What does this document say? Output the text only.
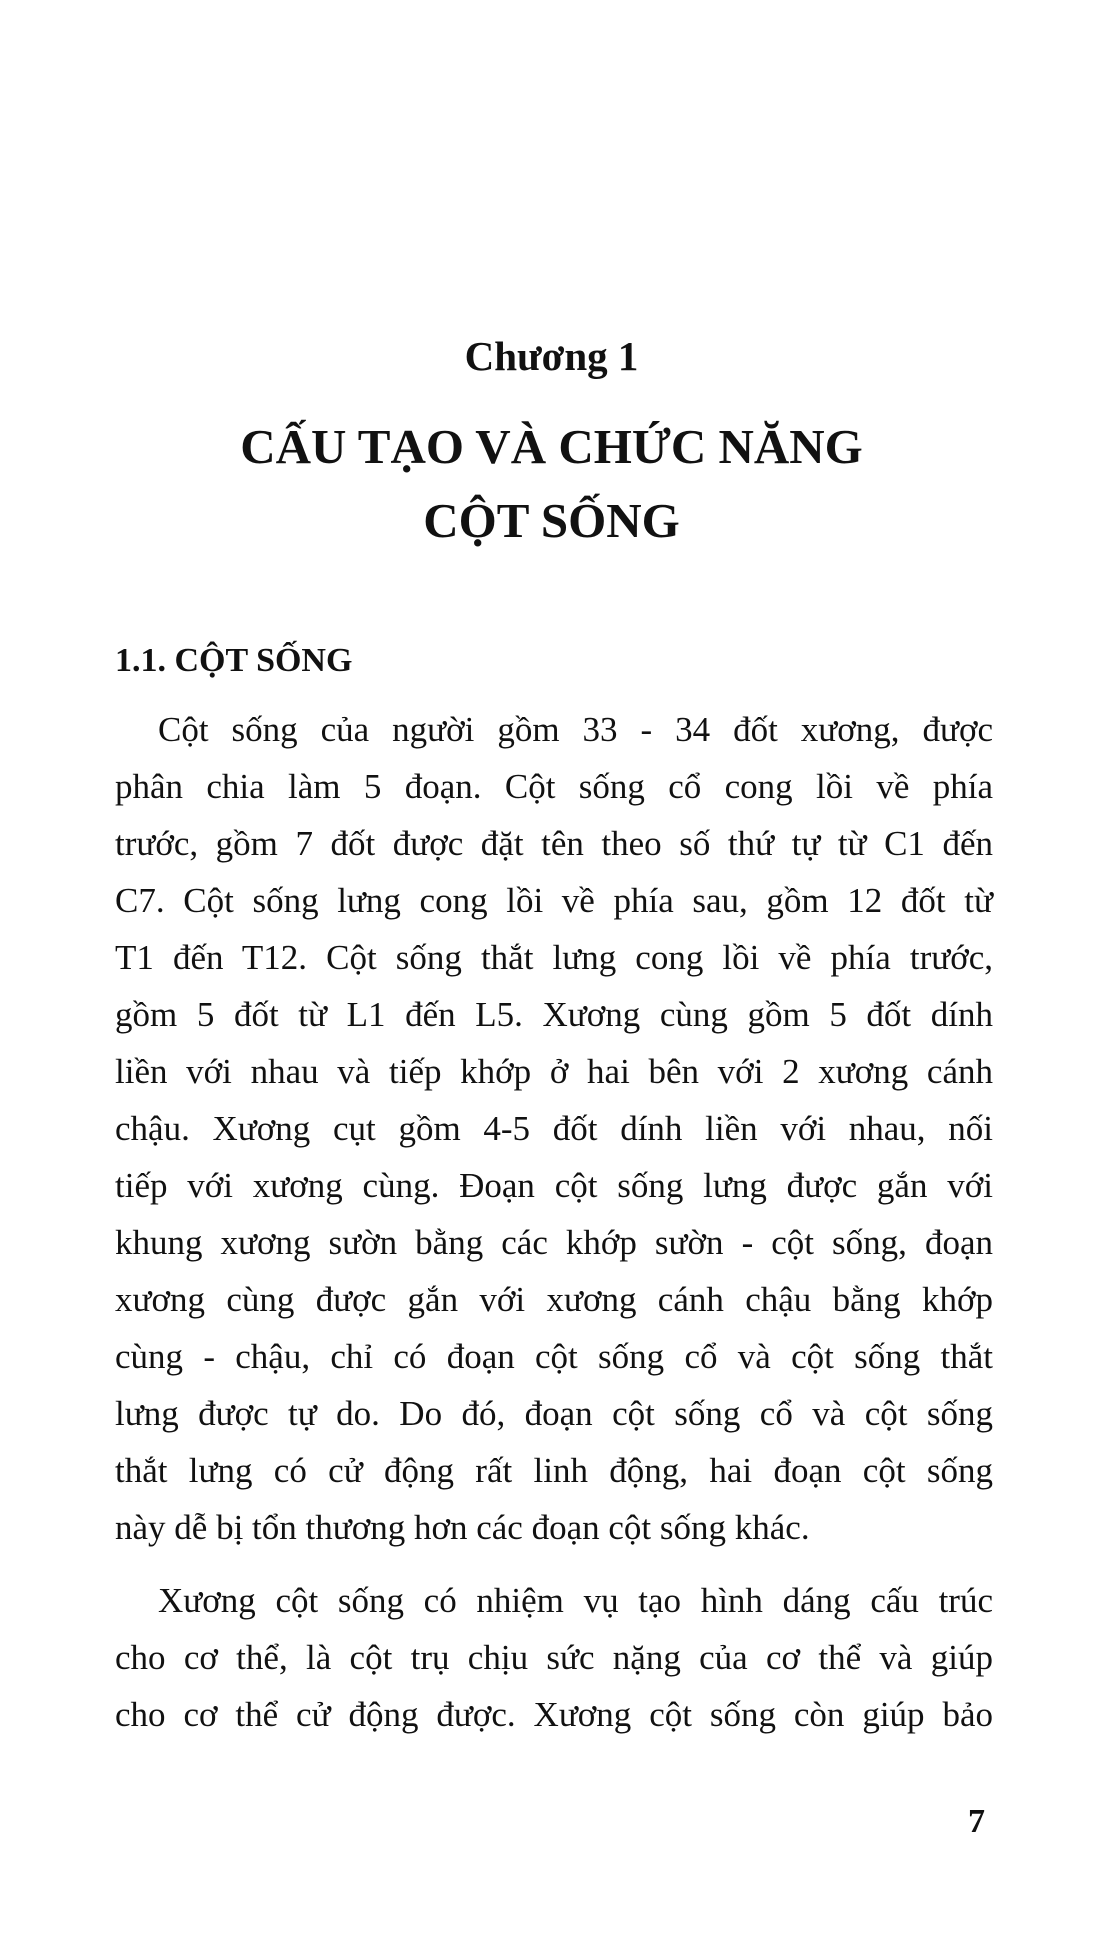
Chương 1
CẤU TẠO VÀ CHỨC NĂNG
CỘT SỐNG
1.1. CỘT SỐNG
Cột sống của người gồm 33 - 34 đốt xương, được
phân chia làm 5 đoạn. Cột sống cổ cong lồi về phía
trước, gồm 7 đốt được đặt tên theo số thứ tự từ C1 đến
C7. Cột sống lưng cong lồi về phía sau, gồm 12 đốt từ
T1 đến T12. Cột sống thắt lưng cong lồi về phía trước,
gồm 5 đốt từ L1 đến L5. Xương cùng gồm 5 đốt dính
liền với nhau và tiếp khớp ở hai bên với 2 xương cánh
chậu. Xương cụt gồm 4-5 đốt dính liền với nhau, nối
tiếp với xương cùng. Đoạn cột sống lưng được gắn với
khung xương sườn bằng các khớp sườn - cột sống, đoạn
xương cùng được gắn với xương cánh chậu bằng khớp
cùng - chậu, chỉ có đoạn cột sống cổ và cột sống thắt
lưng được tự do. Do đó, đoạn cột sống cổ và cột sống
thắt lưng có cử động rất linh động, hai đoạn cột sống
này dễ bị tổn thương hơn các đoạn cột sống khác.
Xương cột sống có nhiệm vụ tạo hình dáng cấu trúc
cho cơ thể, là cột trụ chịu sức nặng của cơ thể và giúp
cho cơ thể cử động được. Xương cột sống còn giúp bảo
7
